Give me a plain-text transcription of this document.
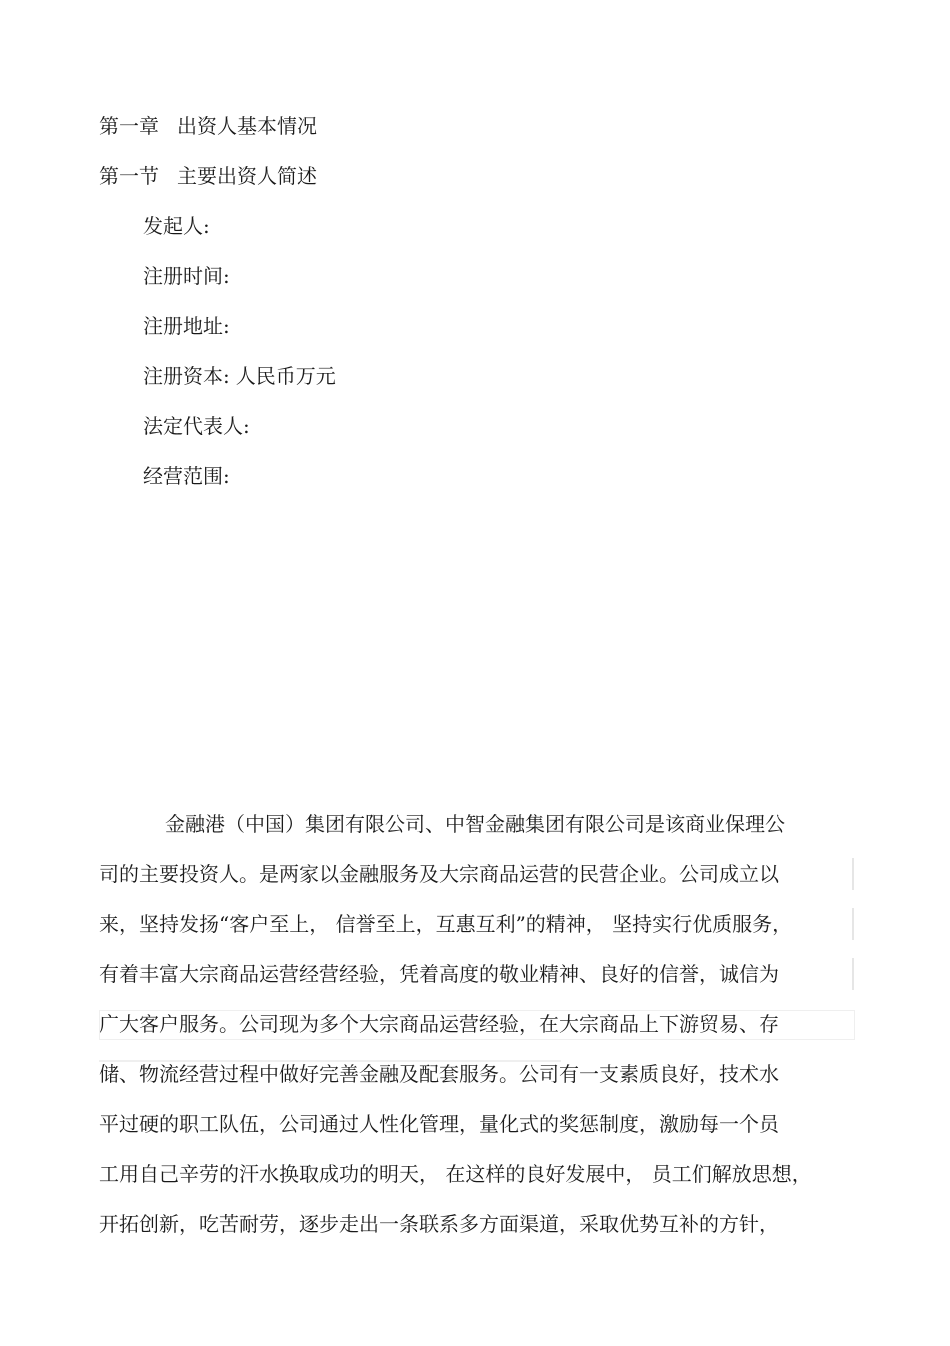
第一章 出资人基本情况
第一节 主要出资人简述
发起人:
注册时间:
注册地址:
注册资本: 人民币万元
法定代表人:
经营范围:
金融港（中国）集团有限公司、中智金融集团有限公司是该商业保理公
司的主要投资人。是两家以金融服务及大宗商品运营的民营企业。公司成立以
来，坚持发扬“客户至上， 信誉至上，互惠互利”的精神， 坚持实行优质服务，
有着丰富大宗商品运营经营经验，凭着高度的敬业精神、良好的信誉，诚信为
广大客户服务。公司现为多个大宗商品运营经验，在大宗商品上下游贸易、存
储、物流经营过程中做好完善金融及配套服务。公司有一支素质良好，技术水
平过硬的职工队伍，公司通过人性化管理，量化式的奖惩制度，激励每一个员
工用自己辛劳的汗水换取成功的明天， 在这样的良好发展中， 员工们解放思想，
开拓创新，吃苦耐劳，逐步走出一条联系多方面渠道，采取优势互补的方针，
